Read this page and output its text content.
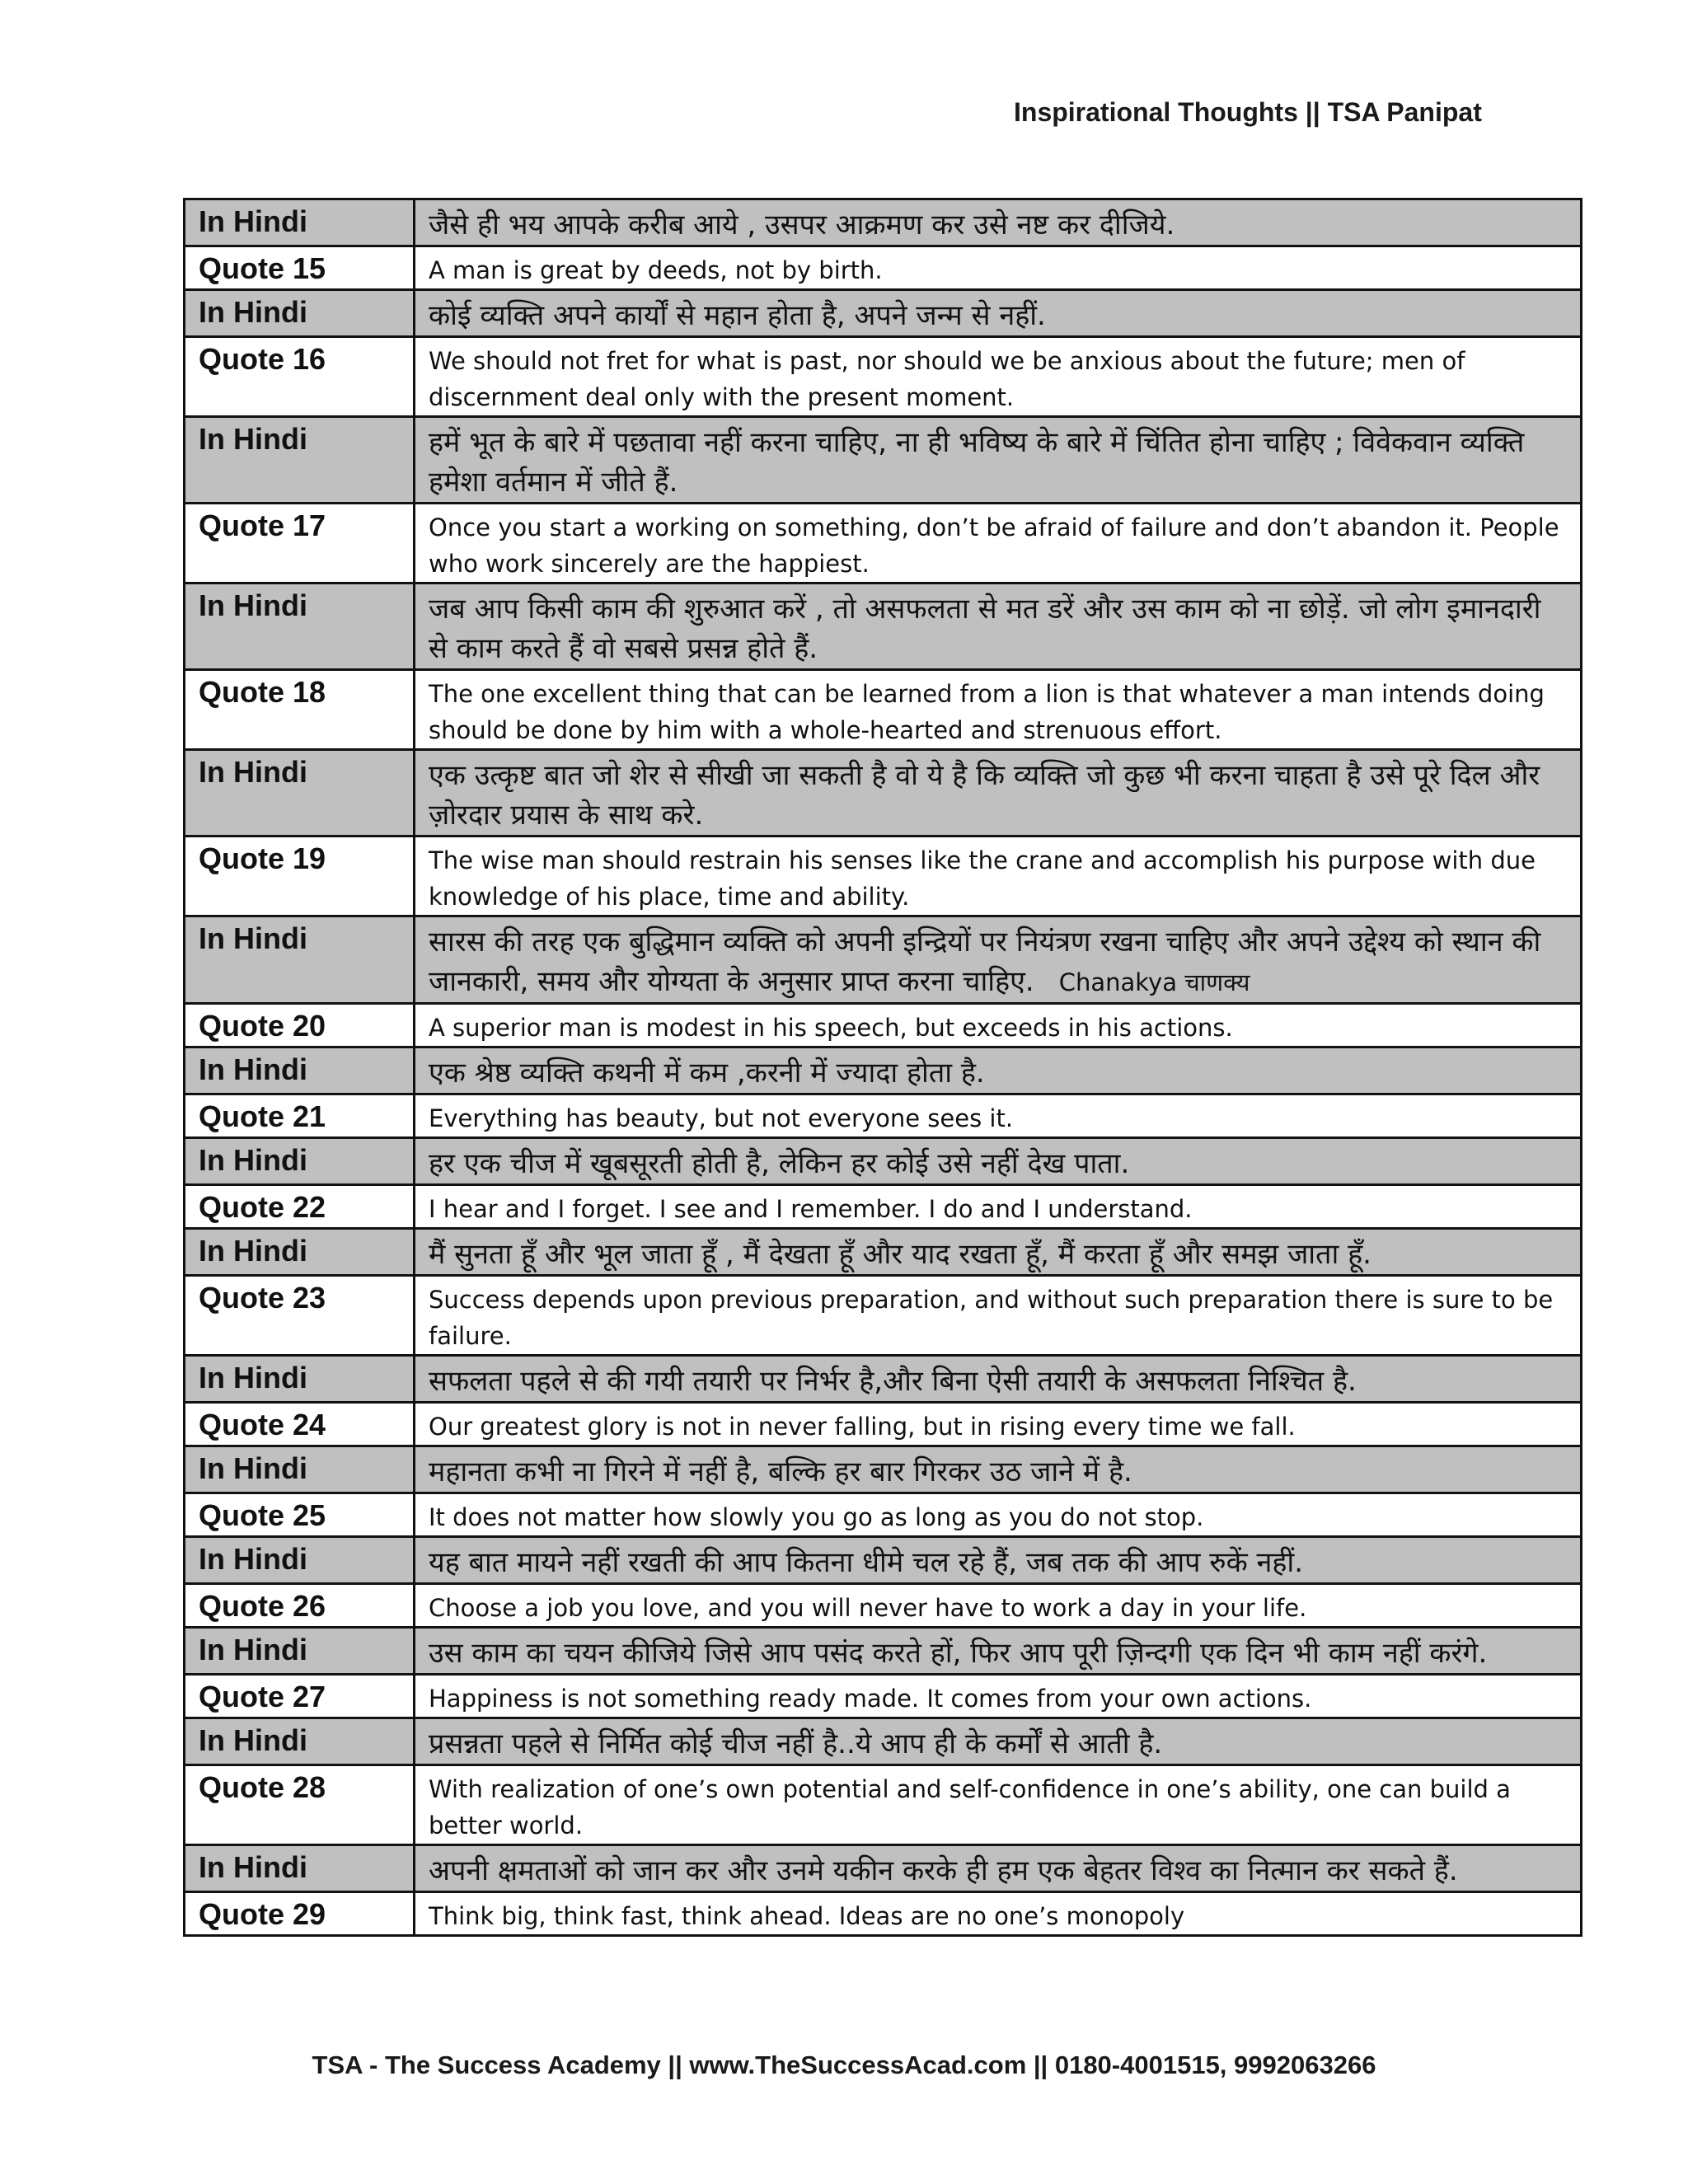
Inspirational Thoughts || TSA Panipat
In Hindi	जैसे ही भय आपके करीब आये , उसपर आक्रमण कर उसे नष्ट कर दीजिये.
Quote 15	A man is great by deeds, not by birth.
In Hindi	कोई व्यक्ति अपने कार्यों से महान होता है, अपने जन्म से नहीं.
Quote 16	We should not fret for what is past, nor should we be anxious about the future; men of discernment deal only with the present moment.
In Hindi	हमें भूत के बारे में पछतावा नहीं करना चाहिए, ना ही भविष्य के बारे में चिंतित होना चाहिए ; विवेकवान व्यक्ति हमेशा वर्तमान में जीते हैं.
Quote 17	Once you start a working on something, don’t be afraid of failure and don’t abandon it. People who work sincerely are the happiest.
In Hindi	जब आप किसी काम की शुरुआत करें , तो असफलता से मत डरें और उस काम को ना छोड़ें. जो लोग इमानदारी से काम करते हैं वो सबसे प्रसन्न होते हैं.
Quote 18	The one excellent thing that can be learned from a lion is that whatever a man intends doing should be done by him with a whole-hearted and strenuous effort.
In Hindi	एक उत्कृष्ट बात जो शेर से सीखी जा सकती है वो ये है कि व्यक्ति जो कुछ भी करना चाहता है उसे पूरे दिल और ज़ोरदार प्रयास के साथ करे.
Quote 19	The wise man should restrain his senses like the crane and accomplish his purpose with due knowledge of his place, time and ability.
In Hindi	सारस की तरह एक बुद्धिमान व्यक्ति को अपनी इन्द्रियों पर नियंत्रण रखना चाहिए और अपने उद्देश्य को स्थान की जानकारी, समय और योग्यता के अनुसार प्राप्त करना चाहिए. Chanakya चाणक्य
Quote 20	A superior man is modest in his speech, but exceeds in his actions.
In Hindi	एक श्रेष्ठ व्यक्ति कथनी में कम ,करनी में ज्यादा होता है.
Quote 21	Everything has beauty, but not everyone sees it.
In Hindi	हर एक चीज में खूबसूरती होती है, लेकिन हर कोई उसे नहीं देख पाता.
Quote 22	I hear and I forget. I see and I remember. I do and I understand.
In Hindi	मैं सुनता हूँ और भूल जाता हूँ , मैं देखता हूँ और याद रखता हूँ, मैं करता हूँ और समझ जाता हूँ.
Quote 23	Success depends upon previous preparation, and without such preparation there is sure to be failure.
In Hindi	सफलता पहले से की गयी तयारी पर निर्भर है,और बिना ऐसी तयारी के असफलता निश्चित है.
Quote 24	Our greatest glory is not in never falling, but in rising every time we fall.
In Hindi	महानता कभी ना गिरने में नहीं है, बल्कि हर बार गिरकर उठ जाने में है.
Quote 25	It does not matter how slowly you go as long as you do not stop.
In Hindi	यह बात मायने नहीं रखती की आप कितना धीमे चल रहे हैं, जब तक की आप रुकें नहीं.
Quote 26	Choose a job you love, and you will never have to work a day in your life.
In Hindi	उस काम का चयन कीजिये जिसे आप पसंद करते हों, फिर आप पूरी ज़िन्दगी एक दिन भी काम नहीं करंगे.
Quote 27	Happiness is not something ready made. It comes from your own actions.
In Hindi	प्रसन्नता पहले से निर्मित कोई चीज नहीं है..ये आप ही के कर्मों से आती है.
Quote 28	With realization of one’s own potential and self-confidence in one’s ability, one can build a better world.
In Hindi	अपनी क्षमताओं को जान कर और उनमे यकीन करके ही हम एक बेहतर विश्व का नित्मान कर सकते हैं.
Quote 29	Think big, think fast, think ahead. Ideas are no one’s monopoly
TSA - The Success Academy || www.TheSuccessAcad.com || 0180-4001515, 9992063266
